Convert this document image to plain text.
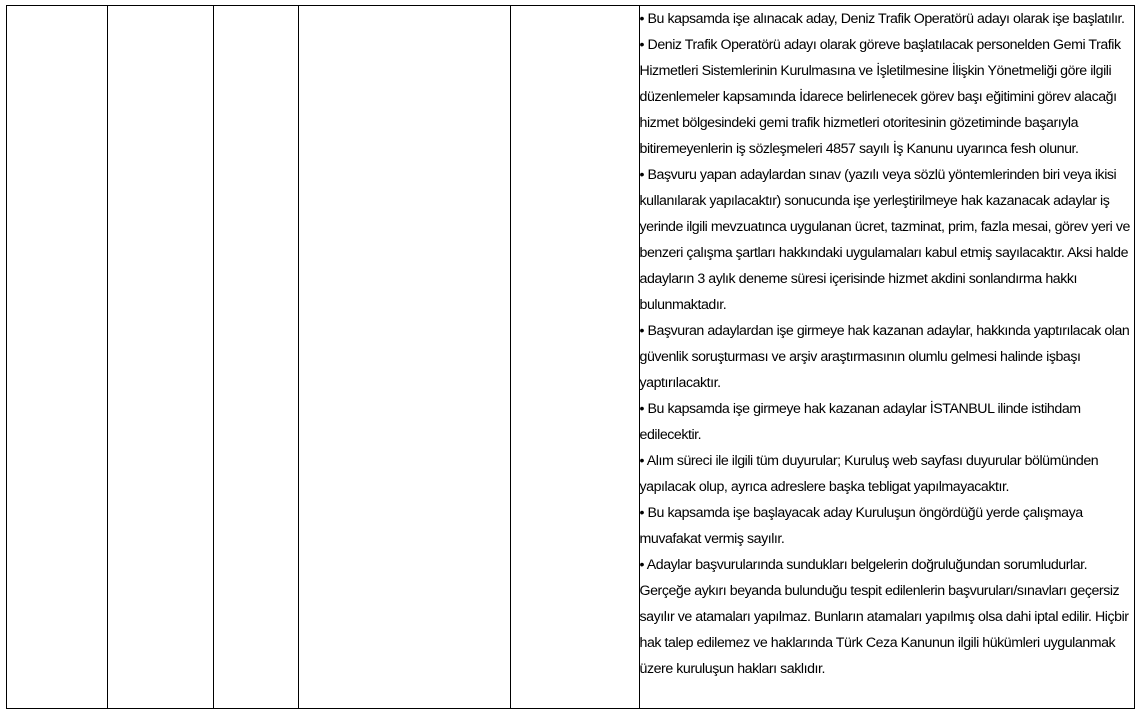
• Bu kapsamda işe alınacak aday, Deniz Trafik Operatörü adayı olarak işe başlatılır.

• Deniz Trafik Operatörü adayı olarak göreve başlatılacak personelden Gemi Trafik Hizmetleri Sistemlerinin Kurulmasına ve İşletilmesine İlişkin Yönetmeliği göre ilgili düzenlemeler kapsamında İdarece belirlenecek görev başı eğitimini görev alacağı hizmet bölgesindeki gemi trafik hizmetleri otoritesinin gözetiminde başarıyla bitiremeyenlerin iş sözleşmeleri 4857 sayılı İş Kanunu uyarınca fesh olunur.

• Başvuru yapan adaylardan sınav (yazılı veya sözlü yöntemlerinden biri veya ikisi kullanılarak yapılacaktır) sonucunda işe yerleştirilmeye hak kazanacak adaylar iş yerinde ilgili mevzuatınca uygulanan ücret, tazminat, prim, fazla mesai, görev yeri ve benzeri çalışma şartları hakkındaki uygulamaları kabul etmiş sayılacaktır. Aksi halde adayların 3 aylık deneme süresi içerisinde hizmet akdini sonlandırma hakkı bulunmaktadır.

• Başvuran adaylardan işe girmeye hak kazanan adaylar, hakkında yaptırılacak olan güvenlik soruşturması ve arşiv araştırmasının olumlu gelmesi halinde işbaşı yaptırılacaktır.

• Bu kapsamda işe girmeye hak kazanan adaylar İSTANBUL ilinde istihdam edilecektir.

• Alım süreci ile ilgili tüm duyurular; Kuruluş web sayfası duyurular bölümünden yapılacak olup, ayrıca adreslere başka tebligat yapılmayacaktır.

• Bu kapsamda işe başlayacak aday Kuruluşun öngördüğü yerde çalışmaya muvafakat vermiş sayılır.

• Adaylar başvurularında sundukları belgelerin doğruluğundan sorumludurlar. Gerçeğe aykırı beyanda bulunduğu tespit edilenlerin başvuruları/sınavları geçersiz sayılır ve atamaları yapılmaz. Bunların atamaları yapılmış olsa dahi iptal edilir. Hiçbir hak talep edilemez ve haklarında Türk Ceza Kanunun ilgili hükümleri uygulanmak üzere kuruluşun hakları saklıdır.
